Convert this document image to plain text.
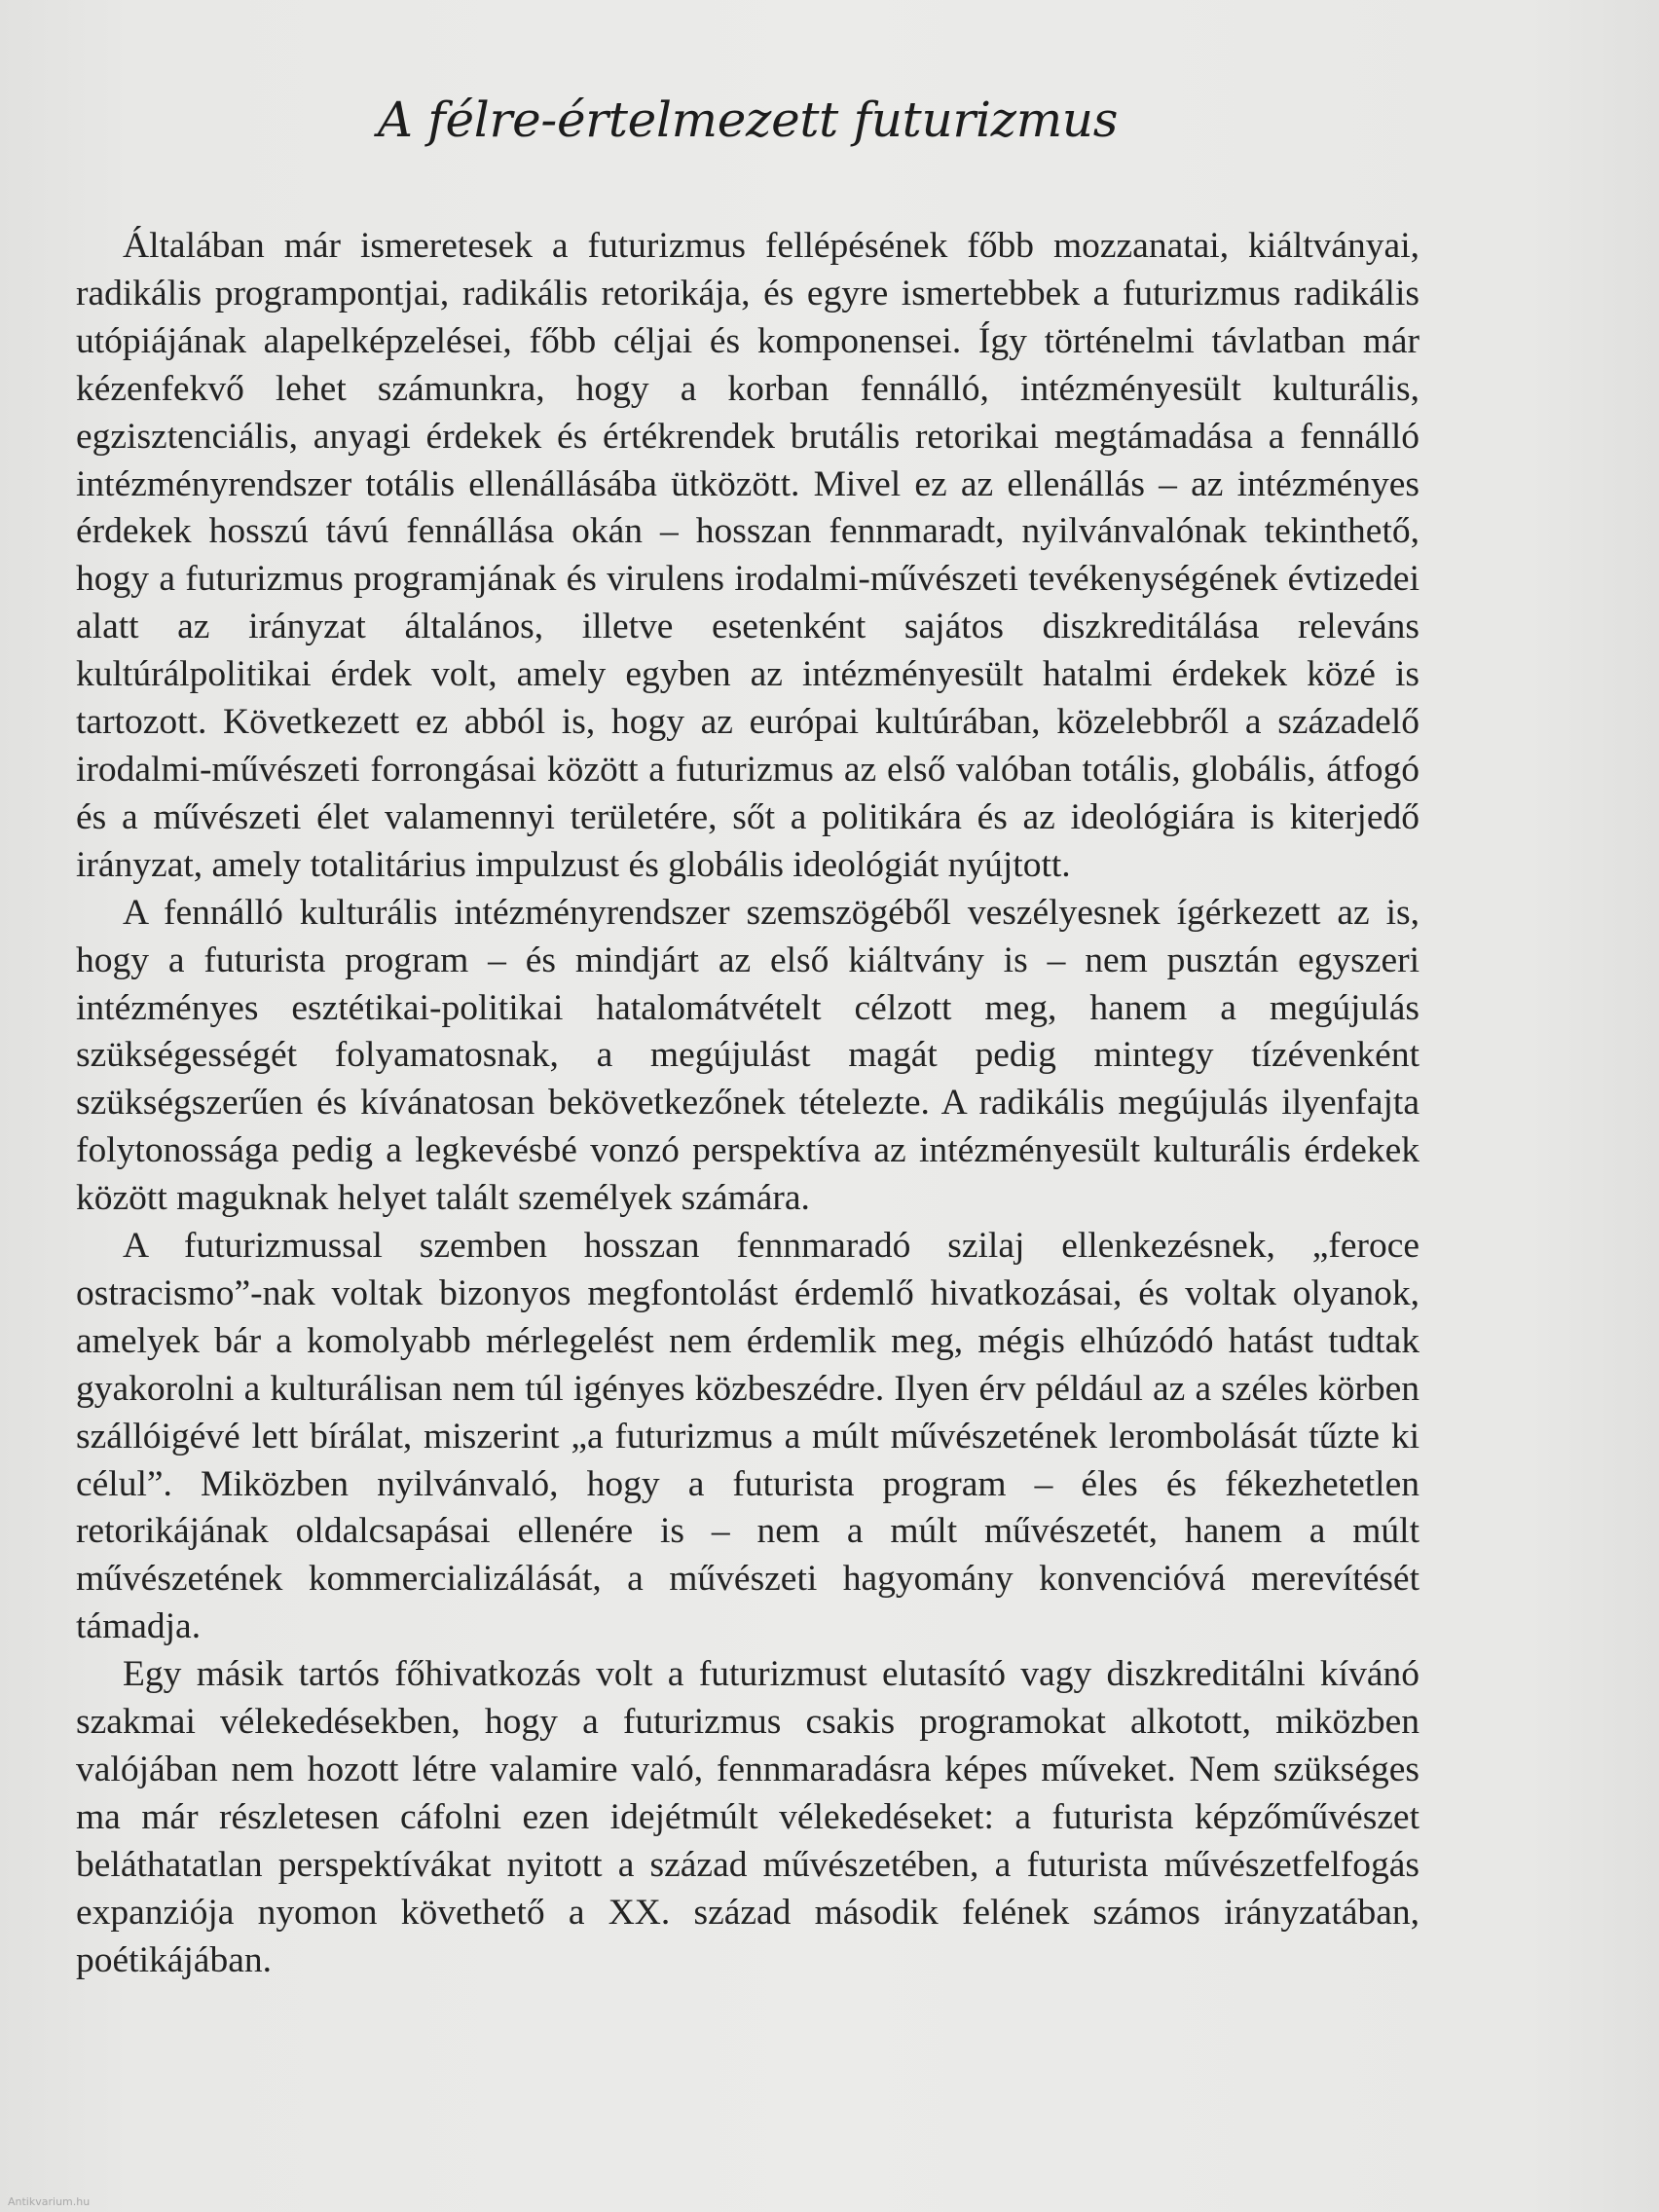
A félre-értelmezett futurizmus

Általában már ismeretesek a futurizmus fellépésének főbb mozzanatai, kiáltványai, radikális programpontjai, radikális retorikája, és egyre ismertebbek a futurizmus radikális utópiájának alapelképzelései, főbb céljai és komponensei. Így történelmi távlatban már kézenfekvő lehet számunkra, hogy a korban fennálló, intézményesült kulturális, egzisztenciális, anyagi érdekek és értékrendek brutális retorikai megtámadása a fennálló intézményrendszer totális ellenállásába ütközött. Mivel ez az ellenállás – az intézményes érdekek hosszú távú fennállása okán – hosszan fennmaradt, nyilvánvalónak tekinthető, hogy a futurizmus programjának és virulens irodalmi-művészeti tevékenységének évtizedei alatt az irányzat általános, illetve esetenként sajátos diszkreditálása releváns kultúrálpolitikai érdek volt, amely egyben az intézményesült hatalmi érdekek közé is tartozott. Következett ez abból is, hogy az európai kultúrában, közelebbről a századelő irodalmi-művészeti forrongásai között a futurizmus az első valóban totális, globális, átfogó és a művészeti élet valamennyi területére, sőt a politikára és az ideológiára is kiterjedő irányzat, amely totalitárius impulzust és globális ideológiát nyújtott.

A fennálló kulturális intézményrendszer szemszögéből veszélyesnek ígérkezett az is, hogy a futurista program – és mindjárt az első kiáltvány is – nem pusztán egyszeri intézményes esztétikai-politikai hatalomátvételt célzott meg, hanem a megújulás szükségességét folyamatosnak, a megújulást magát pedig mintegy tízévenként szükségszerűen és kívánatosan bekövetkezőnek tételezte. A radikális megújulás ilyenfajta folytonossága pedig a legkevésbé vonzó perspektíva az intézményesült kulturális érdekek között maguknak helyet talált személyek számára.

A futurizmussal szemben hosszan fennmaradó szilaj ellenkezésnek, „feroce ostracismo”-nak voltak bizonyos megfontolást érdemlő hivatkozásai, és voltak olyanok, amelyek bár a komolyabb mérlegelést nem érdemlik meg, mégis elhúzódó hatást tudtak gyakorolni a kulturálisan nem túl igényes közbeszédre. Ilyen érv például az a széles körben szállóigévé lett bírálat, miszerint „a futurizmus a múlt művészetének lerombolását tűzte ki célul”. Miközben nyilvánvaló, hogy a futurista program – éles és fékezhetetlen retorikájának oldalcsapásai ellenére is – nem a múlt művészetét, hanem a múlt művészetének kommercializálását, a művészeti hagyomány konvencióvá merevítését támadja.

Egy másik tartós főhivatkozás volt a futurizmust elutasító vagy diszkreditálni kívánó szakmai vélekedésekben, hogy a futurizmus csakis programokat alkotott, miközben valójában nem hozott létre valamire való, fennmaradásra képes műveket. Nem szükséges ma már részletesen cáfolni ezen idejétmúlt vélekedéseket: a futurista képzőművészet beláthatatlan perspektívákat nyitott a század művészetében, a futurista művészetfelfogás expanziója nyomon követhető a XX. század második felének számos irányzatában, poétikájában.

Antikvarium.hu
